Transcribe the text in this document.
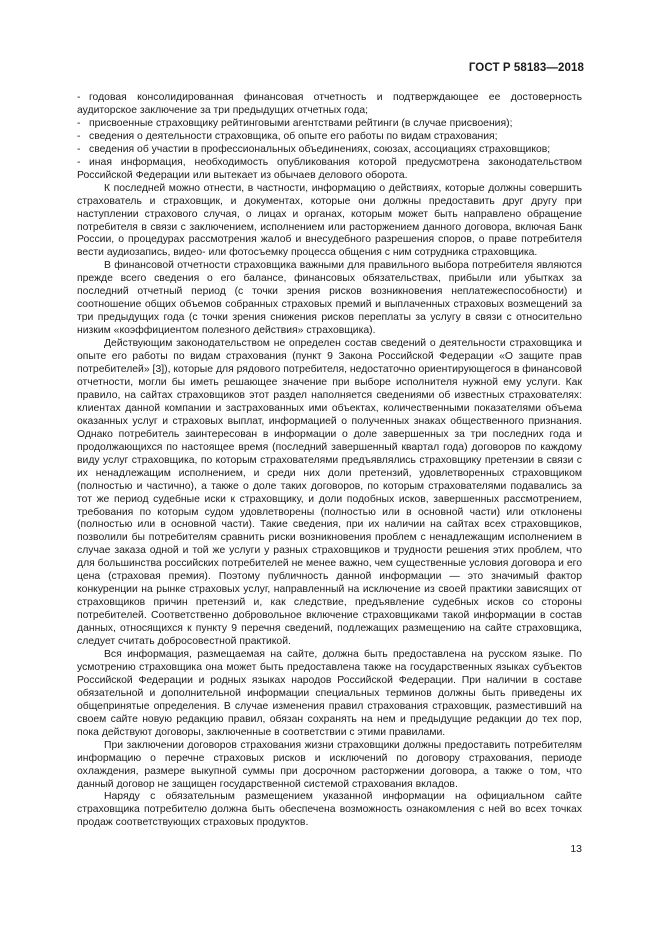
ГОСТ Р 58183—2018

- годовая консолидированная финансовая отчетность и подтверждающее ее достоверность аудиторское заключение за три предыдущих отчетных года;

- присвоенные страховщику рейтинговыми агентствами рейтинги (в случае присвоения);

- сведения о деятельности страховщика, об опыте его работы по видам страхования;

- сведения об участии в профессиональных объединениях, союзах, ассоциациях страховщиков;

- иная информация, необходимость опубликования которой предусмотрена законодательством Российской Федерации или вытекает из обычаев делового оборота.

К последней можно отнести, в частности, информацию о действиях, которые должны совершить страхователь и страховщик, и документах, которые они должны предоставить друг другу при наступлении страхового случая, о лицах и органах, которым может быть направлено обращение потребителя в связи с заключением, исполнением или расторжением данного договора, включая Банк России, о процедурах рассмотрения жалоб и внесудебного разрешения споров, о праве потребителя вести аудиозапись, видео- или фотосъемку процесса общения с ним сотрудника страховщика.

В финансовой отчетности страховщика важными для правильного выбора потребителя являются прежде всего сведения о его балансе, финансовых обязательствах, прибыли или убытках за последний отчетный период (с точки зрения рисков возникновения неплатежеспособности) и соотношение общих объемов собранных страховых премий и выплаченных страховых возмещений за три предыдущих года (с точки зрения снижения рисков переплаты за услугу в связи с относительно низким «коэффициентом полезного действия» страховщика).

Действующим законодательством не определен состав сведений о деятельности страховщика и опыте его работы по видам страхования (пункт 9 Закона Российской Федерации «О защите прав потребителей» [3]), которые для рядового потребителя, недостаточно ориентирующегося в финансовой отчетности, могли бы иметь решающее значение при выборе исполнителя нужной ему услуги. Как правило, на сайтах страховщиков этот раздел наполняется сведениями об известных страхователях: клиентах данной компании и застрахованных ими объектах, количественными показателями объема оказанных услуг и страховых выплат, информацией о полученных знаках общественного признания. Однако потребитель заинтересован в информации о доле завершенных за три последних года и продолжающихся по настоящее время (последний завершенный квартал года) договоров по каждому виду услуг страховщика, по которым страхователями предъявлялись страховщику претензии в связи с их ненадлежащим исполнением, и среди них доли претензий, удовлетворенных страховщиком (полностью и частично), а также о доле таких договоров, по которым страхователями подавались за тот же период судебные иски к страховщику, и доли подобных исков, завершенных рассмотрением, требования по которым судом удовлетворены (полностью или в основной части) или отклонены (полностью или в основной части). Такие сведения, при их наличии на сайтах всех страховщиков, позволили бы потребителям сравнить риски возникновения проблем с ненадлежащим исполнением в случае заказа одной и той же услуги у разных страховщиков и трудности решения этих проблем, что для большинства российских потребителей не менее важно, чем существенные условия договора и его цена (страховая премия). Поэтому публичность данной информации — это значимый фактор конкуренции на рынке страховых услуг, направленный на исключение из своей практики зависящих от страховщиков причин претензий и, как следствие, предъявление судебных исков со стороны потребителей. Соответственно добровольное включение страховщиками такой информации в состав данных, относящихся к пункту 9 перечня сведений, подлежащих размещению на сайте страховщика, следует считать добросовестной практикой.

Вся информация, размещаемая на сайте, должна быть предоставлена на русском языке. По усмотрению страховщика она может быть предоставлена также на государственных языках субъектов Российской Федерации и родных языках народов Российской Федерации. При наличии в составе обязательной и дополнительной информации специальных терминов должны быть приведены их общепринятые определения. В случае изменения правил страхования страховщик, разместивший на своем сайте новую редакцию правил, обязан сохранять на нем и предыдущие редакции до тех пор, пока действуют договоры, заключенные в соответствии с этими правилами.

При заключении договоров страхования жизни страховщики должны предоставить потребителям информацию о перечне страховых рисков и исключений по договору страхования, периоде охлаждения, размере выкупной суммы при досрочном расторжении договора, а также о том, что данный договор не защищен государственной системой страхования вкладов.

Наряду с обязательным размещением указанной информации на официальном сайте страховщика потребителю должна быть обеспечена возможность ознакомления с ней во всех точках продаж соответствующих страховых продуктов.

13
